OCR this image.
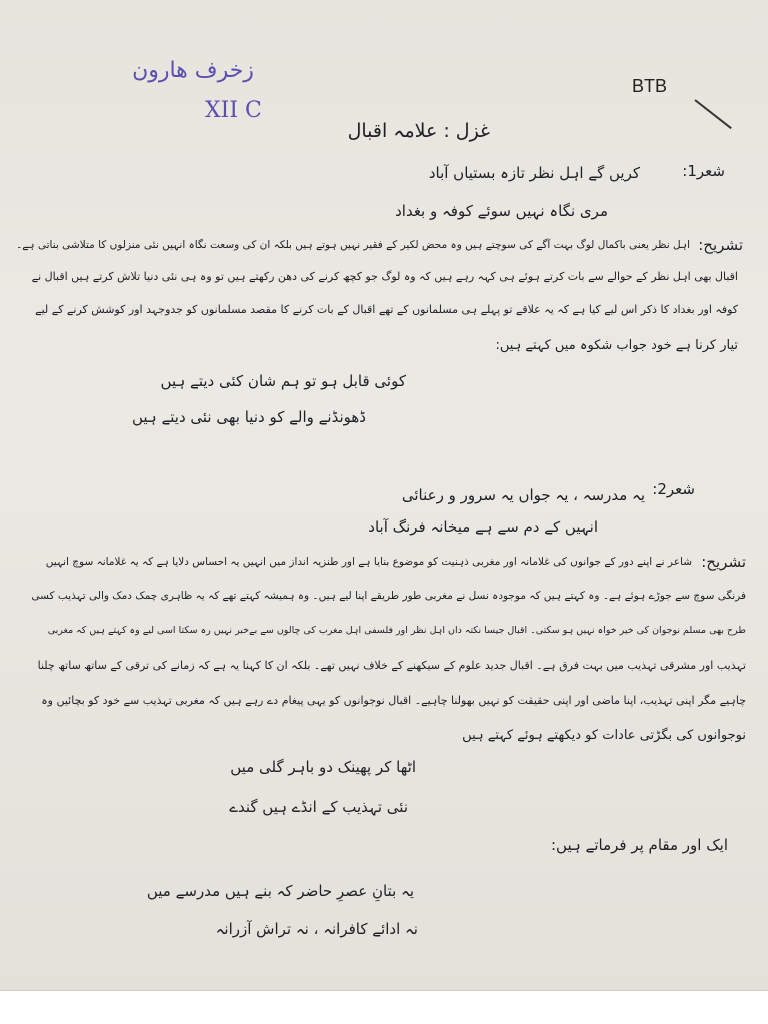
زخرف ھارون
XII C
BTB
غزل : علامہ اقبال
شعر1:
کریں گے اہل نظر تازہ بستیاں آباد
مری نگاہ نہیں سوئے کوفہ و بغداد
تشریح:
اہل نظر یعنی باکمال لوگ بہت آگے کی سوچتے ہیں وہ محض لکیر کے فقیر نہیں ہوتے ہیں بلکہ ان کی وسعت نگاہ انہیں نئی منزلوں کا متلاشی بناتی ہے۔
اقبال بھی اہل نظر کے حوالے سے بات کرتے ہوئے ہی کہہ رہے ہیں کہ وہ لوگ جو کچھ کرنے کی دھن رکھتے ہیں تو وہ ہی نئی دنیا تلاش کرتے ہیں اقبال نے
کوفہ اور بغداد کا ذکر اس لیے کیا ہے کہ یہ علاقے تو پہلے ہی مسلمانوں کے تھے اقبال کے بات کرنے کا مقصد مسلمانوں کو جدوجہد اور کوشش کرنے کے لیے
تیار کرنا ہے خود جواب شکوہ میں کہتے ہیں:
کوئی قابل ہو تو ہم شان کئی دیتے ہیں
ڈھونڈنے والے کو دنیا بھی نئی دیتے ہیں
شعر2:
یہ مدرسہ ، یہ جواں یہ سرور و رعنائی
انہیں کے دم سے ہے میخانہ فرنگ آباد
تشریح:
شاعر نے اپنے دور کے جوانوں کی غلامانہ اور مغربی ذہنیت کو موضوع بنایا ہے اور طنزیہ انداز میں انہیں یہ احساس دلایا ہے کہ یہ غلامانہ سوچ انہیں
فرنگی سوچ سے جوڑے ہوئے ہے۔ وہ کہتے ہیں کہ موجودہ نسل نے مغربی طور طریقے اپنا لیے ہیں۔ وہ ہمیشہ کہتے تھے کہ یہ ظاہری چمک دمک والی تہذیب کسی
طرح بھی مسلم نوجوان کی خیر خواہ نہیں ہو سکتی۔ اقبال جیسا نکتہ داں اہل نظر اور فلسفی اہل مغرب کی چالوں سے بےخبر نہیں رہ سکتا اسی لیے وہ کہتے ہیں کہ مغربی
تہذیب اور مشرقی تہذیب میں بہت فرق ہے۔ اقبال جدید علوم کے سیکھنے کے خلاف نہیں تھے۔ بلکہ ان کا کہنا یہ ہے کہ زمانے کی ترقی کے ساتھ ساتھ چلنا
چاہیے مگر اپنی تہذیب، اپنا ماضی اور اپنی حقیقت کو نہیں بھولنا چاہیے۔ اقبال نوجوانوں کو یہی پیغام دے رہے ہیں کہ مغربی تہذیب سے خود کو بچائیں وہ
نوجوانوں کی بگڑتی عادات کو دیکھتے ہوئے کہتے ہیں
اٹھا کر پھینک دو باہر گلی میں
نئی تہذیب کے انڈے ہیں گندے
ایک اور مقام پر فرماتے ہیں:
یہ بتانِ عصرِ حاضر کہ بنے ہیں مدرسے میں
نہ ادائے کافرانہ ، نہ تراش آزرانہ
